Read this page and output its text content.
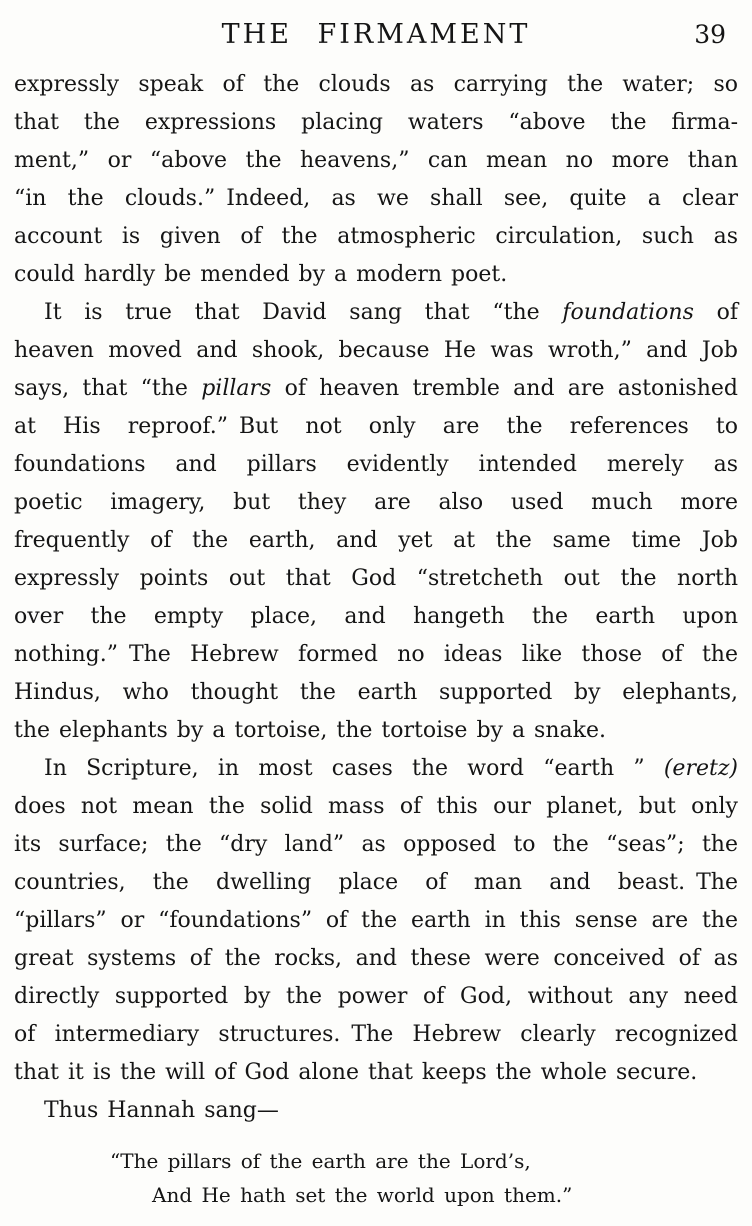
THE FIRMAMENT	39
expressly speak of the clouds as carrying the water; so
that the expressions placing waters “above the firma-
ment,” or “above the heavens,” can mean no more than
“in the clouds.” Indeed, as we shall see, quite a clear
account is given of the atmospheric circulation, such as
could hardly be mended by a modern poet.
It is true that David sang that “the foundations of
heaven moved and shook, because He was wroth,” and Job
says, that “the pillars of heaven tremble and are astonished
at His reproof.” But not only are the references to
foundations and pillars evidently intended merely as
poetic imagery, but they are also used much more
frequently of the earth, and yet at the same time Job
expressly points out that God “stretcheth out the north
over the empty place, and hangeth the earth upon
nothing.” The Hebrew formed no ideas like those of the
Hindus, who thought the earth supported by elephants,
the elephants by a tortoise, the tortoise by a snake.
In Scripture, in most cases the word “earth ” (eretz)
does not mean the solid mass of this our planet, but only
its surface; the “dry land” as opposed to the “seas”; the
countries, the dwelling place of man and beast. The
“pillars” or “foundations” of the earth in this sense are the
great systems of the rocks, and these were conceived of as
directly supported by the power of God, without any need
of intermediary structures. The Hebrew clearly recognized
that it is the will of God alone that keeps the whole secure.
Thus Hannah sang—
“The pillars of the earth are the Lord’s,
And He hath set the world upon them.”
